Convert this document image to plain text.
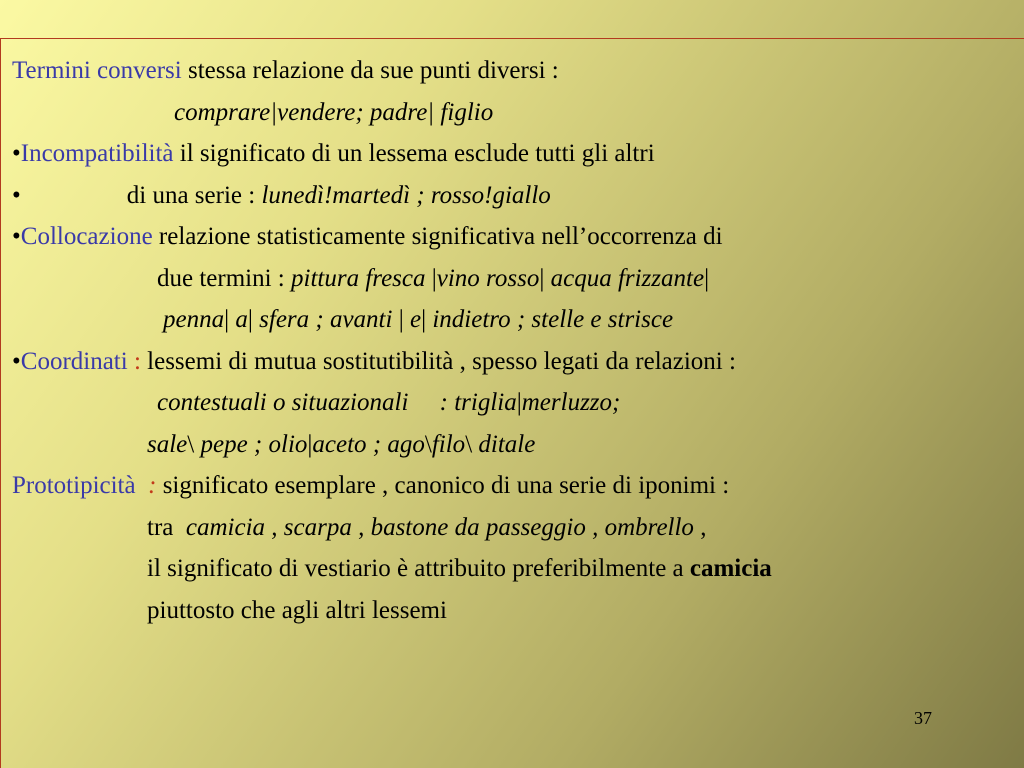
Termini conversi stessa relazione da sue punti diversi :
comprare|vendere; padre| figlio
•Incompatibilità il significato di un lessema esclude tutti gli altri
•	di una serie : lunedì!martedì ; rosso!giallo
•Collocazione relazione statisticamente significativa nell’occorrenza di
due termini : pittura fresca |vino rosso| acqua frizzante|
penna| a| sfera ; avanti | e| indietro ; stelle e strisce
•Coordinati : lessemi di mutua sostitutibilità , spesso legati da relazioni :
contestuali o situazionali     : triglia|merluzzo;
sale\ pepe ; olio|aceto ; ago\filo\ ditale
Prototipicità  : significato esemplare , canonico di una serie di iponimi :
tra  camicia , scarpa , bastone da passeggio , ombrello ,
il significato di vestiario è attribuito preferibilmente a camicia
piuttosto che agli altri lessemi
37
